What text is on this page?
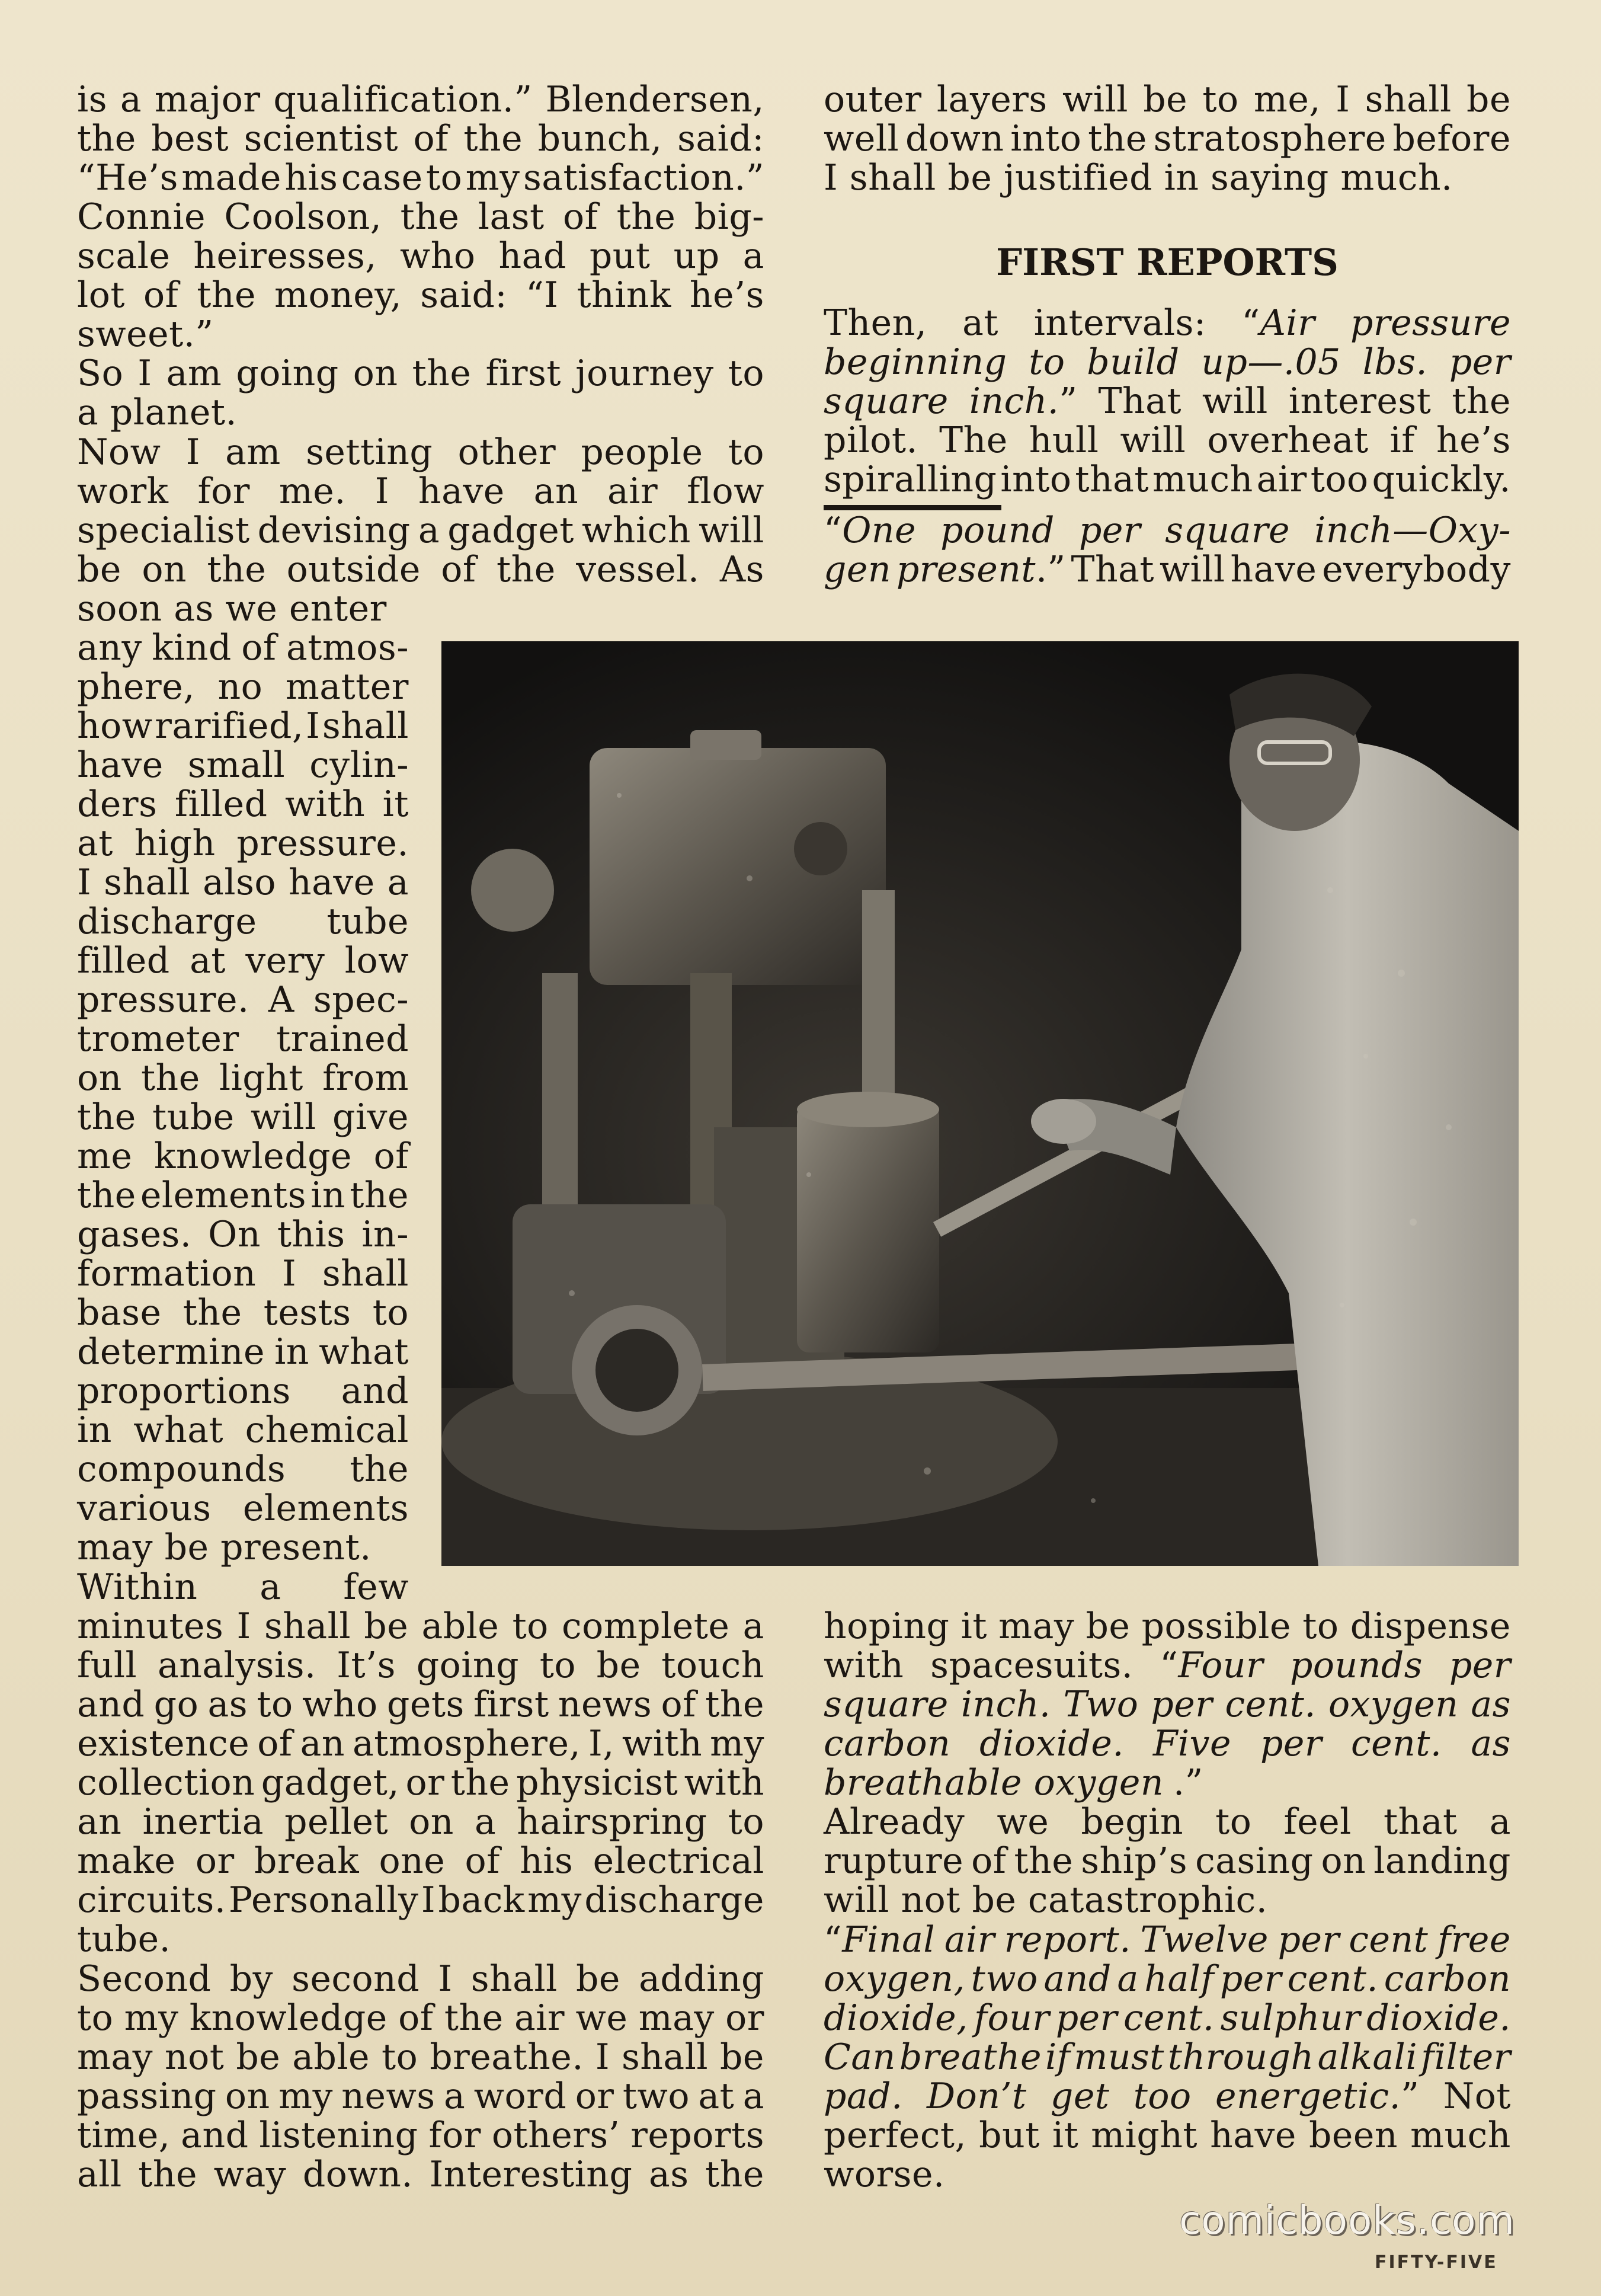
FIRST REPORTS
is a major qualification.” Blendersen,
the best scientist of the bunch, said:
“He’s made his case to my satisfaction.”
Connie Coolson, the last of the big-
scale heiresses, who had put up a
lot of the money, said: “I think he’s
sweet.”
So I am going on the first journey to
a planet.
Now I am setting other people to
work for me. I have an air flow
specialist devising a gadget which will
be on the outside of the vessel. As
soon as we enter
any kind of atmos-
phere, no matter
how rarified, I shall
have small cylin-
ders filled with it
at high pressure.
I shall also have a
discharge tube
filled at very low
pressure. A spec-
trometer trained
on the light from
the tube will give
me knowledge of
the elements in the
gases. On this in-
formation I shall
base the tests to
determine in what
proportions and
in what chemical
compounds the
various elements
may be present.
Within a few
minutes I shall be able to complete a
full analysis. It’s going to be touch
and go as to who gets first news of the
existence of an atmosphere, I, with my
collection gadget, or the physicist with
an inertia pellet on a hairspring to
make or break one of his electrical
circuits. Personally I back my discharge
tube.
Second by second I shall be adding
to my knowledge of the air we may or
may not be able to breathe. I shall be
passing on my news a word or two at a
time, and listening for others’ reports
all the way down. Interesting as the
outer layers will be to me, I shall be
well down into the stratosphere before
I shall be justified in saying much.
Then, at intervals: “Air pressure
beginning to build up—.05 lbs. per
square inch.” That will interest the
pilot. The hull will overheat if he’s
spiralling into that much air too quickly.
“One pound per square inch—Oxy-
gen present.” That will have everybody
hoping it may be possible to dispense
with spacesuits. “Four pounds per
square inch. Two per cent. oxygen as
carbon dioxide. Five per cent. as
breathable oxygen .”
Already we begin to feel that a
rupture of the ship’s casing on landing
will not be catastrophic.
“Final air report. Twelve per cent free
oxygen, two and a half per cent. carbon
dioxide, four per cent. sulphur dioxide.
Can breathe if must through alkali filter
pad. Don’t get too energetic.” Not
perfect, but it might have been much
worse.
comicbooks.com
FIFTY-FIVE
